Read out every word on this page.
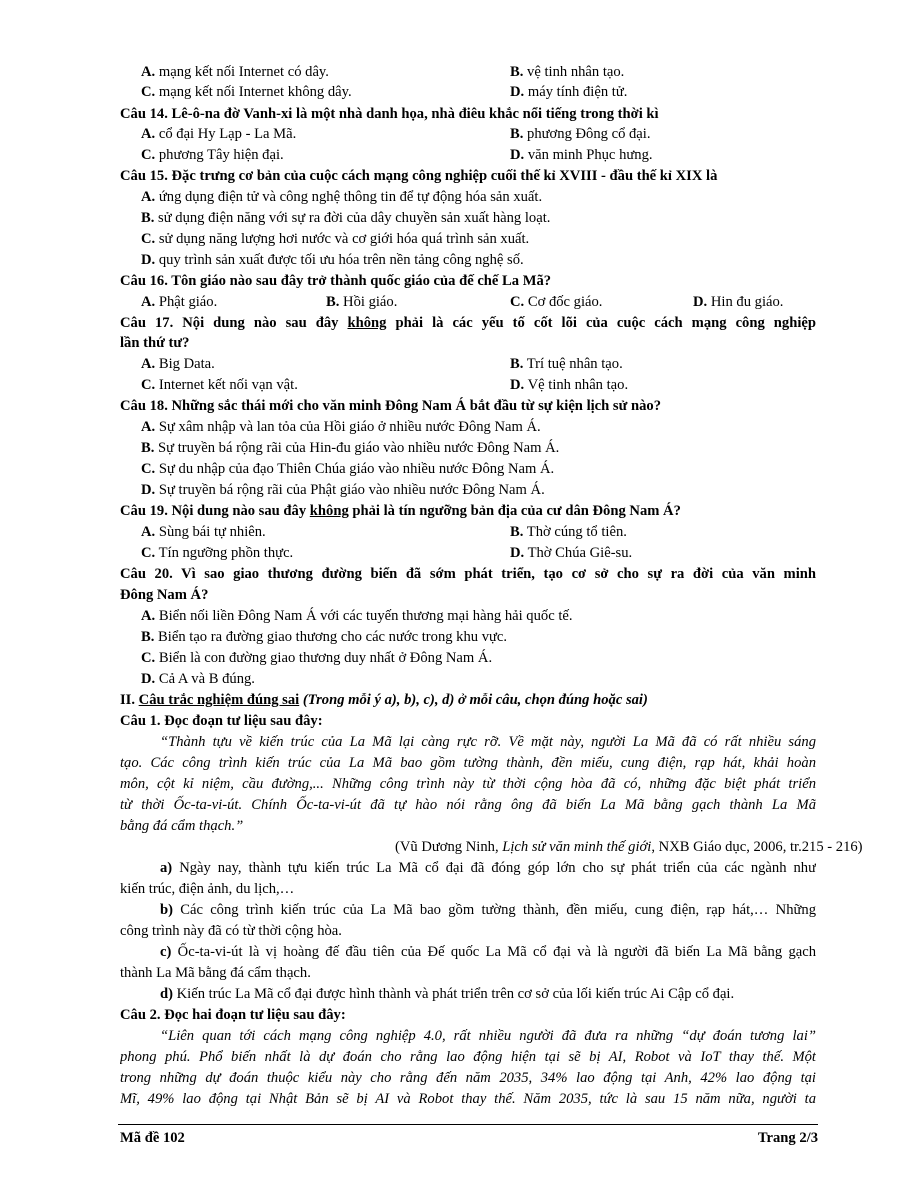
A. mạng kết nối Internet có dây.	B. vệ tinh nhân tạo.
C. mạng kết nối Internet không dây.	D. máy tính điện tử.
Câu 14. Lê-ô-na đờ Vanh-xi là một nhà danh họa, nhà điêu khắc nổi tiếng trong thời kì
A. cổ đại Hy Lạp - La Mã.	B. phương Đông cổ đại.
C. phương Tây hiện đại.	D. văn minh Phục hưng.
Câu 15. Đặc trưng cơ bản của cuộc cách mạng công nghiệp cuối thế kỉ XVIII - đầu thế kỉ XIX là
A. ứng dụng điện tử và công nghệ thông tin để tự động hóa sản xuất.
B. sử dụng điện năng với sự ra đời của dây chuyền sản xuất hàng loạt.
C. sử dụng năng lượng hơi nước và cơ giới hóa quá trình sản xuất.
D. quy trình sản xuất được tối ưu hóa trên nền tảng công nghệ số.
Câu 16. Tôn giáo nào sau đây trở thành quốc giáo của đế chế La Mã?
A. Phật giáo.	B. Hồi giáo.	C. Cơ đốc giáo.	D. Hin đu giáo.
Câu 17. Nội dung nào sau đây không phải là các yếu tố cốt lõi của cuộc cách mạng công nghiệp
lần thứ tư?
A. Big Data.	B. Trí tuệ nhân tạo.
C. Internet kết nối vạn vật.	D. Vệ tinh nhân tạo.
Câu 18. Những sắc thái mới cho văn minh Đông Nam Á bắt đầu từ sự kiện lịch sử nào?
A. Sự xâm nhập và lan tỏa của Hồi giáo ở nhiều nước Đông Nam Á.
B. Sự truyền bá rộng rãi của Hin-đu giáo vào nhiều nước Đông Nam Á.
C. Sự du nhập của đạo Thiên Chúa giáo vào nhiều nước Đông Nam Á.
D. Sự truyền bá rộng rãi của Phật giáo vào nhiều nước Đông Nam Á.
Câu 19. Nội dung nào sau đây không phải là tín ngưỡng bản địa của cư dân Đông Nam Á?
A. Sùng bái tự nhiên.	B. Thờ cúng tổ tiên.
C. Tín ngưỡng phồn thực.	D. Thờ Chúa Giê-su.
Câu 20. Vì sao giao thương đường biển đã sớm phát triển, tạo cơ sở cho sự ra đời của văn minh
Đông Nam Á?
A. Biển nối liền Đông Nam Á với các tuyến thương mại hàng hải quốc tế.
B. Biển tạo ra đường giao thương cho các nước trong khu vực.
C. Biển là con đường giao thương duy nhất ở Đông Nam Á.
D. Cả A và B đúng.
II. Câu trắc nghiệm đúng sai (Trong mỗi ý a), b), c), d) ở mỗi câu, chọn đúng hoặc sai)
Câu 1. Đọc đoạn tư liệu sau đây:
“Thành tựu về kiến trúc của La Mã lại càng rực rỡ. Về mặt này, người La Mã đã có rất nhiều sáng
tạo. Các công trình kiến trúc của La Mã bao gồm tường thành, đền miếu, cung điện, rạp hát, khải hoàn
môn, cột kỉ niệm, cầu đường,... Những công trình này từ thời cộng hòa đã có, những đặc biệt phát triển
từ thời Ốc-ta-vi-út. Chính Ốc-ta-vi-út đã tự hào nói rằng ông đã biến La Mã bằng gạch thành La Mã
bằng đá cẩm thạch.”
(Vũ Dương Ninh, Lịch sử văn minh thế giới, NXB Giáo dục, 2006, tr.215 - 216)
a) Ngày nay, thành tựu kiến trúc La Mã cổ đại đã đóng góp lớn cho sự phát triển của các ngành như
kiến trúc, điện ảnh, du lịch,…
b) Các công trình kiến trúc của La Mã bao gồm tường thành, đền miếu, cung điện, rạp hát,… Những
công trình này đã có từ thời cộng hòa.
c) Ốc-ta-vi-út là vị hoàng đế đầu tiên của Đế quốc La Mã cổ đại và là người đã biến La Mã bằng gạch
thành La Mã bằng đá cẩm thạch.
d) Kiến trúc La Mã cổ đại được hình thành và phát triển trên cơ sở của lối kiến trúc Ai Cập cổ đại.
Câu 2. Đọc hai đoạn tư liệu sau đây:
“Liên quan tới cách mạng công nghiệp 4.0, rất nhiều người đã đưa ra những “dự đoán tương lai”
phong phú. Phổ biến nhất là dự đoán cho rằng lao động hiện tại sẽ bị AI, Robot và IoT thay thế. Một
trong những dự đoán thuộc kiểu này cho rằng đến năm 2035, 34% lao động tại Anh, 42% lao động tại
Mĩ, 49% lao động tại Nhật Bản sẽ bị AI và Robot thay thế. Năm 2035, tức là sau 15 năm nữa, người ta
Mã đề 102	Trang 2/3
